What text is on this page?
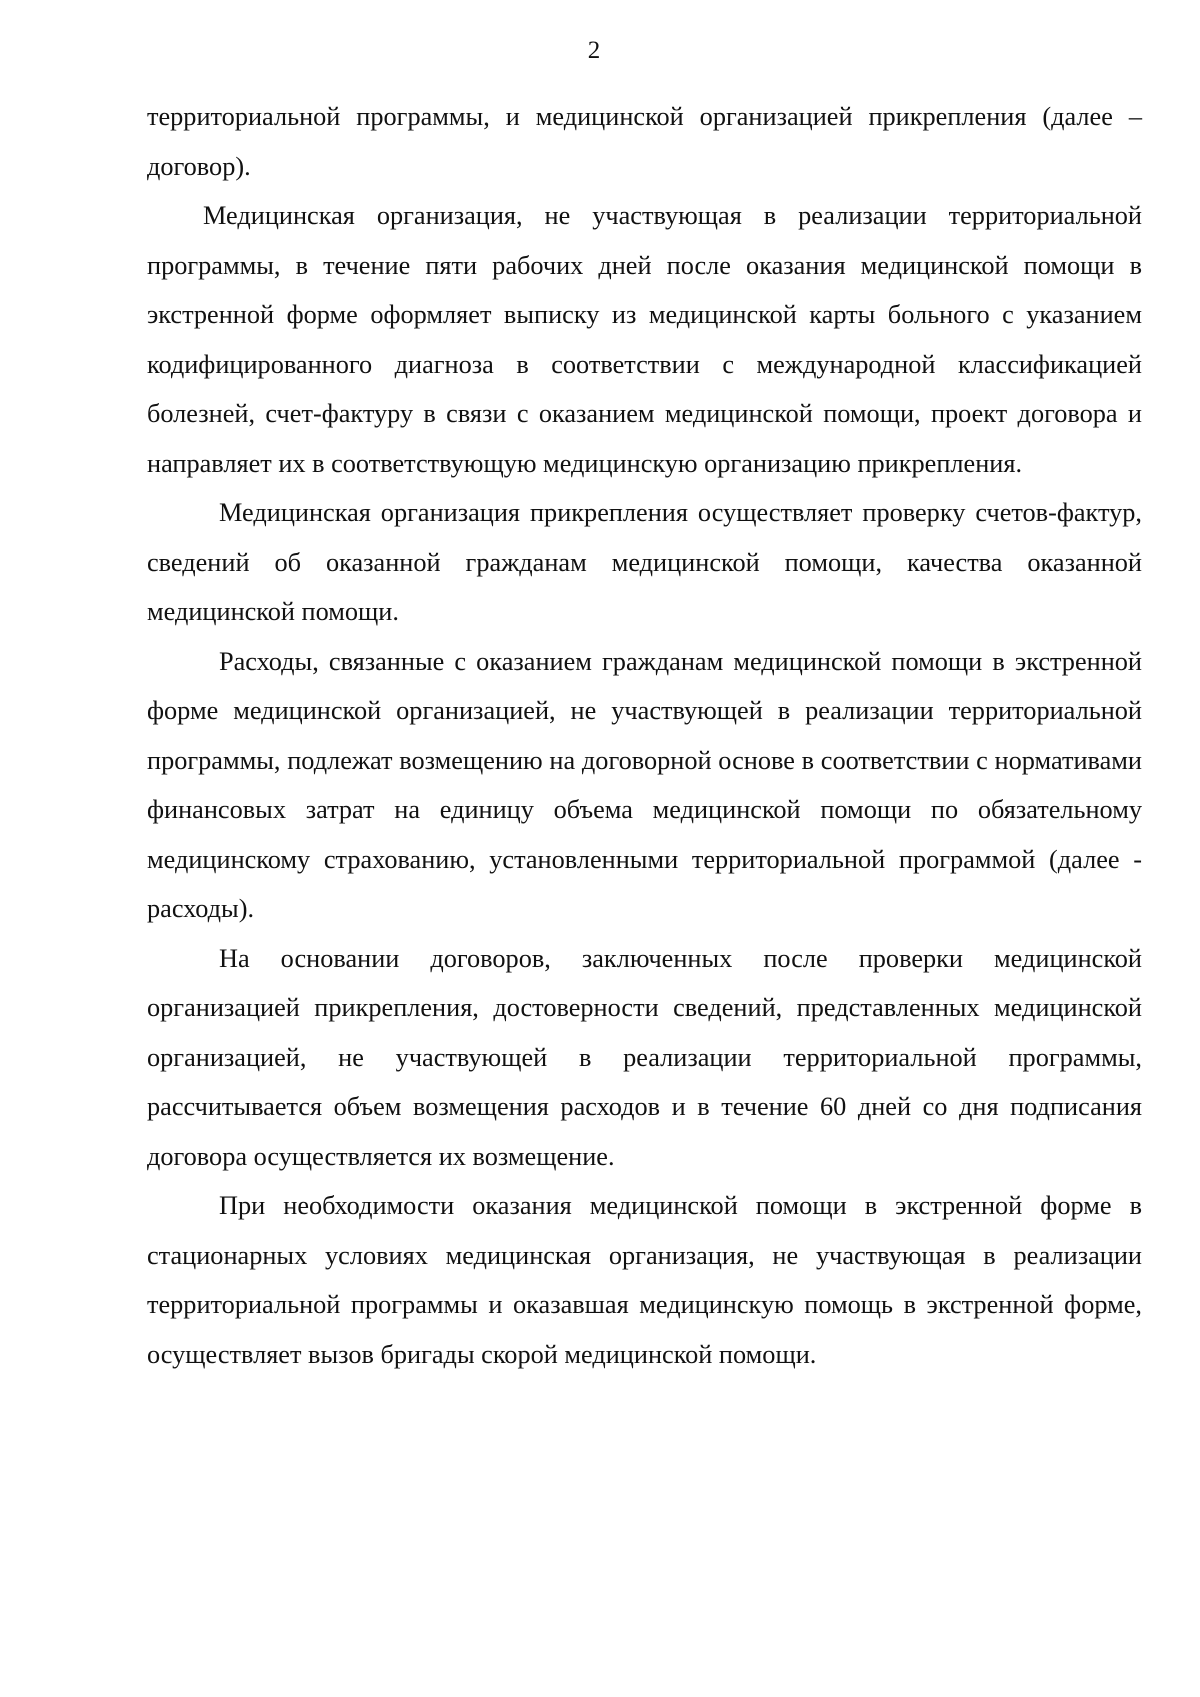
2

территориальной программы, и медицинской организацией прикрепления (далее – договор).

Медицинская организация, не участвующая в реализации территориальной программы, в течение пяти рабочих дней после оказания медицинской помощи в экстренной форме оформляет выписку из медицинской карты больного с указанием кодифицированного диагноза в соответствии с международной классификацией болезней, счет-фактуру в связи с оказанием медицинской помощи, проект договора и направляет их в соответствующую медицинскую организацию прикрепления.

Медицинская организация прикрепления осуществляет проверку счетов-фактур, сведений об оказанной гражданам медицинской помощи, качества оказанной медицинской помощи.

Расходы, связанные с оказанием гражданам медицинской помощи в экстренной форме медицинской организацией, не участвующей в реализации территориальной программы, подлежат возмещению на договорной основе в соответствии с нормативами финансовых затрат на единицу объема медицинской помощи по обязательному медицинскому страхованию, установленными территориальной программой (далее - расходы).

На основании договоров, заключенных после проверки медицинской организацией прикрепления, достоверности сведений, представленных медицинской организацией, не участвующей в реализации территориальной программы, рассчитывается объем возмещения расходов и в течение 60 дней со дня подписания договора осуществляется их возмещение.

При необходимости оказания медицинской помощи в экстренной форме в стационарных условиях медицинская организация, не участвующая в реализации территориальной программы и оказавшая медицинскую помощь в экстренной форме, осуществляет вызов бригады скорой медицинской помощи.
